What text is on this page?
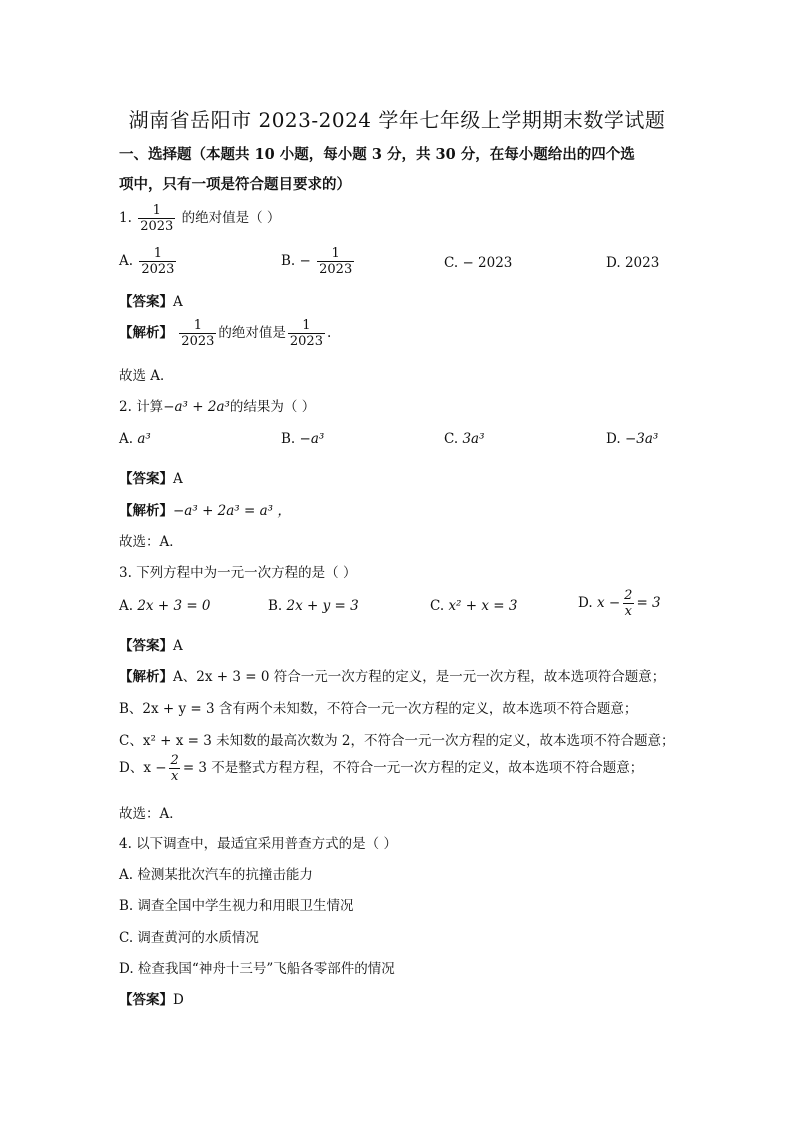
湖南省岳阳市 2023-2024 学年七年级上学期期末数学试题
一、选择题（本题共 10 小题，每小题 3 分，共 30 分，在每小题给出的四个选
项中，只有一项是符合题目要求的）
1. $\frac{1}{2023}$ 的绝对值是（ ）
A. $\frac{1}{2023}$	B. − $\frac{1}{2023}$	C. − 2023	D. 2023
【答案】A
【解析】 $\frac{1}{2023}$ 的绝对值是 $\frac{1}{2023}$ .
故选 A．
2. 计算−a³ + 2a³的结果为（ ）
A. a³	B. −a³	C. 3a³	D. −3a³
【答案】A
【解析】−a³ + 2a³ = a³ ，
故选：A．
3. 下列方程中为一元一次方程的是（ ）
A. 2x + 3 = 0	B. 2x + y = 3	C. x² + x = 3	D. $x - \frac{2}{x} = 3$
【答案】A
【解析】A、2x + 3 = 0 符合一元一次方程的定义，是一元一次方程，故本选项符合题意；
B、2x + y = 3 含有两个未知数，不符合一元一次方程的定义，故本选项不符合题意；
C、x² + x = 3 未知数的最高次数为 2，不符合一元一次方程的定义，故本选项不符合题意；
D、$x - \frac{2}{x} = 3$ 不是整式方程方程，不符合一元一次方程的定义，故本选项不符合题意；
故选：A．
4. 以下调查中，最适宜采用普查方式的是（ ）
A. 检测某批次汽车的抗撞击能力
B. 调查全国中学生视力和用眼卫生情况
C. 调查黄河的水质情况
D. 检查我国“神舟十三号”飞船各零部件的情况
【答案】D
